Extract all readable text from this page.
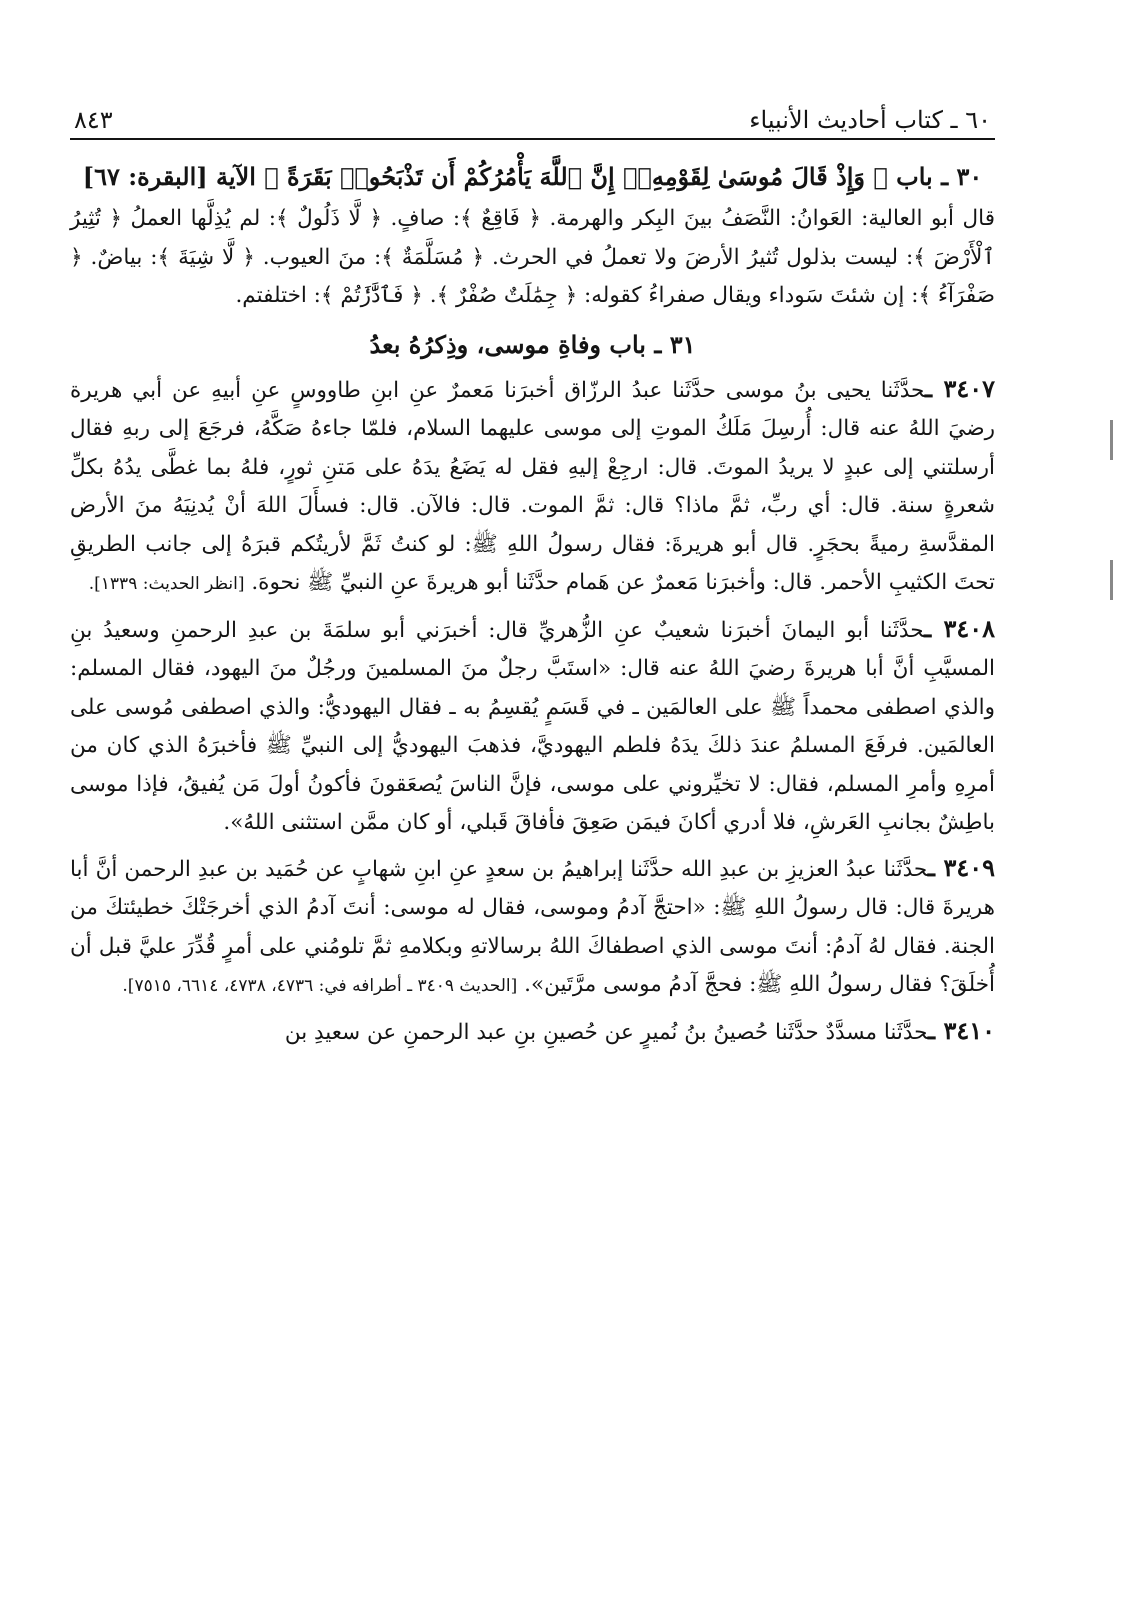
٦٠ ـ كتاب أحاديث الأنبياء
٨٤٣
٣٠ ـ باب ﴿ وَإِذْ قَالَ مُوسَىٰ لِقَوْمِهِۦٓ إِنَّ ٱللَّهَ يَأْمُرُكُمْ أَن تَذْبَحُوا۟ بَقَرَةً ﴾ الآية [البقرة: ٦٧]

قال أبو العالية: العَوانُ: النَّصَفُ بينَ البِكر والهرمة. ﴿ فَاقِعٌ ﴾: صافٍ. ﴿ لَّا ذَلُولٌ ﴾: لم يُذِلَّها العملُ ﴿ تُثِيرُ ٱلْأَرْضَ ﴾: ليست بذلول تُثيرُ الأرضَ ولا تعملُ في الحرث. ﴿ مُسَلَّمَةٌ ﴾: منَ العيوب. ﴿ لَّا شِيَةَ ﴾: بياضٌ. ﴿ صَفْرَآءُ ﴾: إن شئتَ سَوداء ويقال صفراءُ كقوله: ﴿ جِمَٰلَتٌ صُفْرٌ ﴾. ﴿ فَٱدَّٰرَٰٔتُمْ ﴾: اختلفتم.

٣١ ـ باب وفاةِ موسى، وذِكرُهُ بعدُ

٣٤٠٧ ـحدَّثَنا يحيى بنُ موسى حدَّثَنا عبدُ الرزّاق أخبرَنا مَعمرٌ عنِ ابنِ طاووسٍ عنِ أبيهِ عن أبي هريرة رضيَ اللهُ عنه قال: أُرسِلَ مَلَكُ الموتِ إلى موسى عليهما السلام، فلمّا جاءهُ صَكَّهُ، فرجَعَ إلى ربهِ فقال أرسلتني إلى عبدٍ لا يريدُ الموتَ. قال: ارجِعْ إليهِ فقل له يَضَعُ يدَهُ على مَتنِ ثورٍ، فلهُ بما غطَّى يدُهُ بكلِّ شعرةٍ سنة. قال: أي ربِّ، ثمَّ ماذا؟ قال: ثمَّ الموت. قال: فالآن. قال: فسأَلَ اللهَ أنْ يُدنِيَهُ منَ الأرض المقدَّسةِ رميةً بحجَرٍ. قال أبو هريرةَ: فقال رسولُ اللهِ ﷺ: لو كنتُ ثَمَّ لأريتُكم قبرَهُ إلى جانب الطريقِ تحتَ الكثيبِ الأحمر. قال: وأخبرَنا مَعمرٌ عن هَمام حدَّثَنا أبو هريرةَ عنِ النبيِّ ﷺ نحوهَ. [انظر الحديث: ١٣٣٩].

٣٤٠٨ ـحدَّثَنا أبو اليمانَ أخبرَنا شعيبٌ عنِ الزُّهريِّ قال: أخبرَني أبو سلمَةَ بن عبدِ الرحمنِ وسعيدُ بنِ المسيَّبِ أنَّ أبا هريرةَ رضيَ اللهُ عنه قال: «استَبَّ رجلٌ منَ المسلمينَ ورجُلٌ منَ اليهود، فقال المسلم: والذي اصطفى محمداً ﷺ على العالمَين ـ في قَسَمٍ يُقسِمُ به ـ فقال اليهوديُّ: والذي اصطفى مُوسى على العالمَين. فرفَعَ المسلمُ عندَ ذلكَ يدَهُ فلطم اليهوديَّ، فذهبَ اليهوديُّ إلى النبيِّ ﷺ فأخبرَهُ الذي كان من أمرِهِ وأمرِ المسلم، فقال: لا تخيِّروني على موسى، فإنَّ الناسَ يُصعَقونَ فأكونُ أولَ مَن يُفيقُ، فإذا موسى باطِشٌ بجانبِ العَرشِ، فلا أدري أكانَ فيمَن صَعِقَ فأفاقَ قَبلي، أو كان ممَّن استثنى اللهُ».

٣٤٠٩ ـحدَّثَنا عبدُ العزيزِ بن عبدِ الله حدَّثَنا إبراهيمُ بن سعدٍ عنِ ابنِ شهابٍ عن حُمَيد بن عبدِ الرحمن أنَّ أبا هريرةَ قال: قال رسولُ اللهِ ﷺ: «احتجَّ آدمُ وموسى، فقال له موسى: أنتَ آدمُ الذي أخرجَتْكَ خطيئتكَ من الجنة. فقال لهُ آدمُ: أنتَ موسى الذي اصطفاكَ اللهُ برسالاتهِ وبكلامهِ ثمَّ تلومُني على أمرٍ قُدِّرَ عليَّ قبل أن أُخلَقَ؟ فقال رسولُ اللهِ ﷺ: فحجَّ آدمُ موسى مرَّتَين». [الحديث ٣٤٠٩ ـ أطرافه في: ٤٧٣٦، ٤٧٣٨، ٦٦١٤، ٧٥١٥].

٣٤١٠ ـحدَّثَنا مسدَّدٌ حدَّثَنا حُصينُ بنُ نُميرٍ عن حُصينِ بنِ عبد الرحمنِ عن سعيدِ بن
